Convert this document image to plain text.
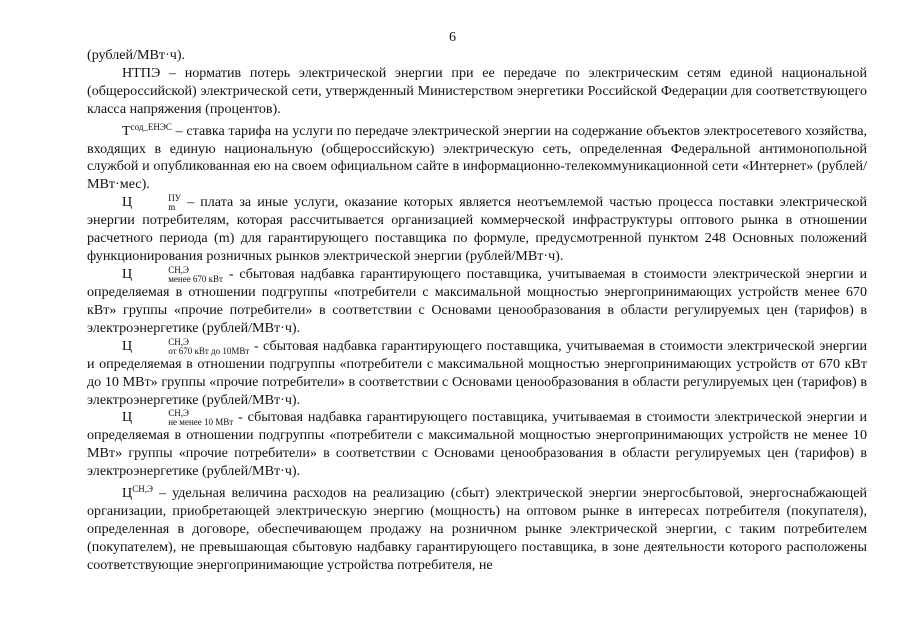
6

(рублей/МВт·ч).

НТПЭ – норматив потерь электрической энергии при ее передаче по электрическим сетям единой национальной (общероссийской) электрической сети, утвержденный Министерством энергетики Российской Федерации для соответствующего класса напряжения (процентов).

$Т^{сод\_ЕНЭС}$ – ставка тарифа на услуги по передаче электрической энергии на содержание объектов электросетевого хозяйства, входящих в единую национальную (общероссийскую) электрическую сеть, определенная Федеральной антимонопольной службой и опубликованная ею на своем официальном сайте в информационно-телекоммуникационной сети «Интернет» (рублей/МВт·мес).

Ц	ПУ
m – плата за иные услуги, оказание которых является неотъемлемой частью процесса поставки электрической энергии потребителям, которая рассчитывается организацией коммерческой инфраструктуры оптового рынка в отношении расчетного периода (m) для гарантирующего поставщика по формуле, предусмотренной пунктом 248 Основных положений функционирования розничных рынков электрической энергии (рублей/МВт·ч).

Ц	СН,Э
менее 670 кВт - сбытовая надбавка гарантирующего поставщика, учитываемая в стоимости электрической энергии и определяемая в отношении подгруппы «потребители с максимальной мощностью энергопринимающих устройств менее 670 кВт» группы «прочие потребители» в соответствии с Основами ценообразования в области регулируемых цен (тарифов) в электроэнергетике (рублей/МВт·ч).

Ц	СН,Э
от 670 кВт до 10МВт - сбытовая надбавка гарантирующего поставщика, учитываемая в стоимости электрической энергии и определяемая в отношении подгруппы «потребители с максимальной мощностью энергопринимающих устройств от 670 кВт до 10 МВт» группы «прочие потребители» в соответствии с Основами ценообразования в области регулируемых цен (тарифов) в электроэнергетике (рублей/МВт·ч).

Ц	СН,Э
не менее 10 МВт - сбытовая надбавка гарантирующего поставщика, учитываемая в стоимости электрической энергии и определяемая в отношении подгруппы «потребители с максимальной мощностью энергопринимающих устройств не менее 10 МВт» группы «прочие потребители» в соответствии с Основами ценообразования в области регулируемых цен (тарифов) в электроэнергетике (рублей/МВт·ч).

$Ц^{СН,Э}$ – удельная величина расходов на реализацию (сбыт) электрической энергии энергосбытовой, энергоснабжающей организации, приобретающей электрическую энергию (мощность) на оптовом рынке в интересах потребителя (покупателя), определенная в договоре, обеспечивающем продажу на розничном рынке электрической энергии, с таким потребителем (покупателем), не превышающая сбытовую надбавку гарантирующего поставщика, в зоне деятельности которого расположены соответствующие энергопринимающие устройства потребителя, не
